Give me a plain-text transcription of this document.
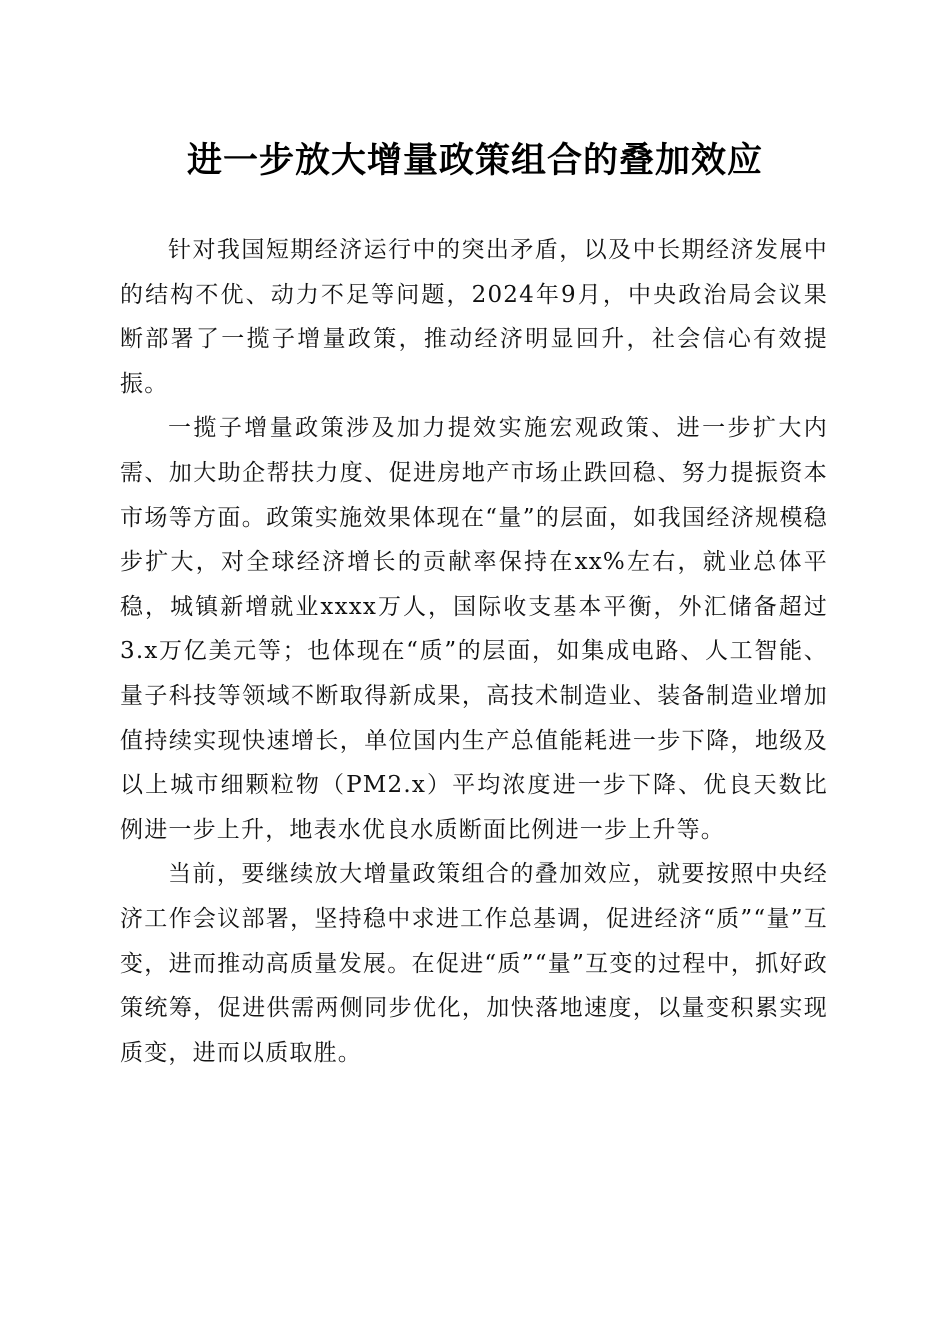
进一步放大增量政策组合的叠加效应

针对我国短期经济运行中的突出矛盾，以及中长期经济发展中的结构不优、动力不足等问题，2024年9月，中央政治局会议果断部署了一揽子增量政策，推动经济明显回升，社会信心有效提振。

一揽子增量政策涉及加力提效实施宏观政策、进一步扩大内需、加大助企帮扶力度、促进房地产市场止跌回稳、努力提振资本市场等方面。政策实施效果体现在“量”的层面，如我国经济规模稳步扩大，对全球经济增长的贡献率保持在xx%左右，就业总体平稳，城镇新增就业xxxx万人，国际收支基本平衡，外汇储备超过3.x万亿美元等；也体现在“质”的层面，如集成电路、人工智能、量子科技等领域不断取得新成果，高技术制造业、装备制造业增加值持续实现快速增长，单位国内生产总值能耗进一步下降，地级及以上城市细颗粒物（PM2.x）平均浓度进一步下降、优良天数比例进一步上升，地表水优良水质断面比例进一步上升等。

当前，要继续放大增量政策组合的叠加效应，就要按照中央经济工作会议部署，坚持稳中求进工作总基调，促进经济“质”“量”互变，进而推动高质量发展。在促进“质”“量”互变的过程中，抓好政策统筹，促进供需两侧同步优化，加快落地速度，以量变积累实现质变，进而以质取胜。
